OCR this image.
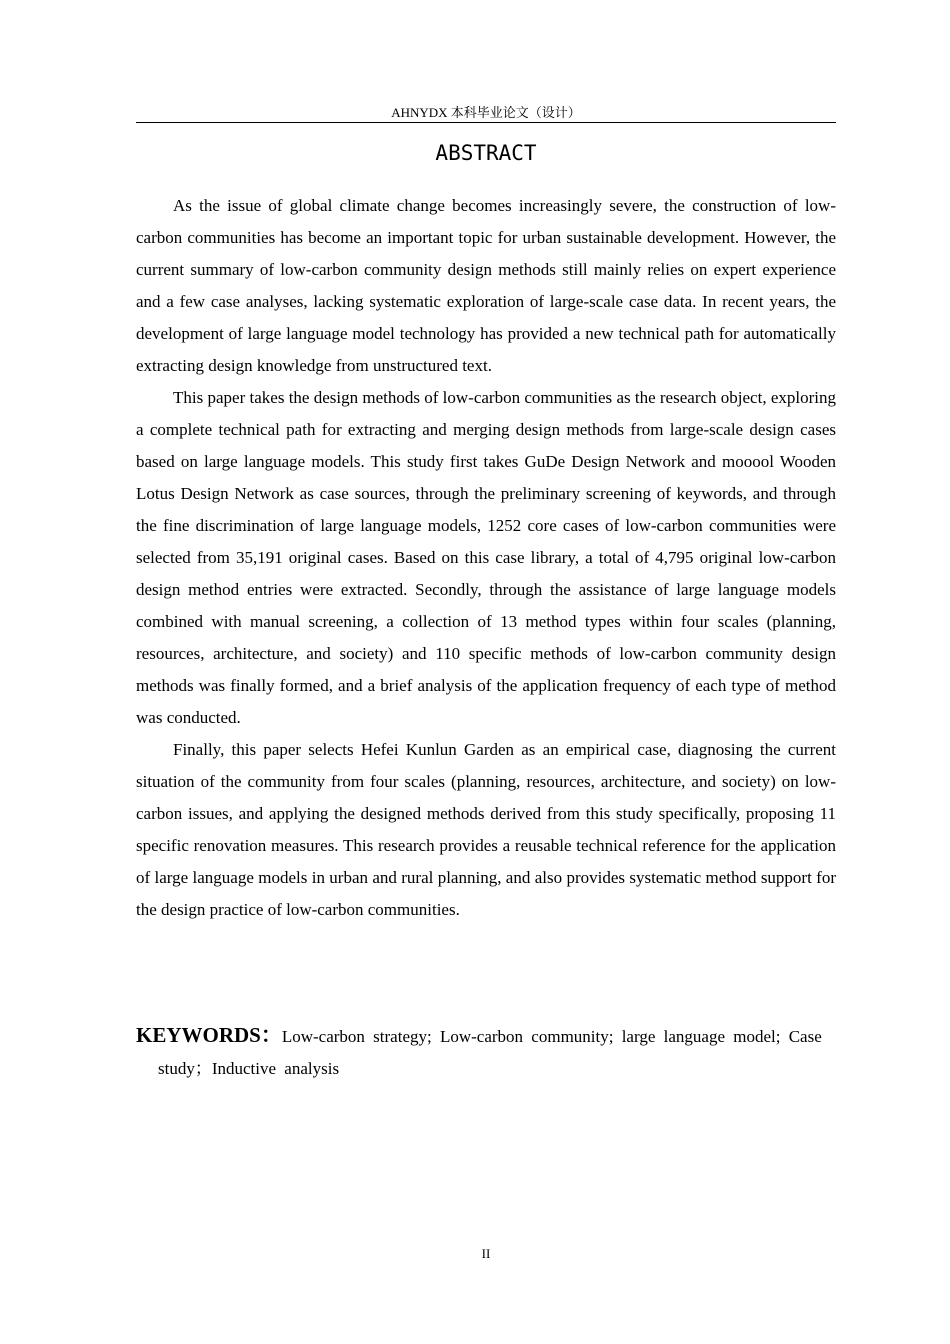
AHNYDX 本科毕业论文（设计）
ABSTRACT

As the issue of global climate change becomes increasingly severe, the construction of low-carbon communities has become an important topic for urban sustainable development. However, the current summary of low-carbon community design methods still mainly relies on expert experience and a few case analyses, lacking systematic exploration of large-scale case data. In recent years, the development of large language model technology has provided a new technical path for automatically extracting design knowledge from unstructured text.

This paper takes the design methods of low-carbon communities as the research object, exploring a complete technical path for extracting and merging design methods from large-scale design cases based on large language models. This study first takes GuDe Design Network and mooool Wooden Lotus Design Network as case sources, through the preliminary screening of keywords, and through the fine discrimination of large language models, 1252 core cases of low-carbon communities were selected from 35,191 original cases. Based on this case library, a total of 4,795 original low-carbon design method entries were extracted. Secondly, through the assistance of large language models combined with manual screening, a collection of 13 method types within four scales (planning, resources, architecture, and society) and 110 specific methods of low-carbon community design methods was finally formed, and a brief analysis of the application frequency of each type of method was conducted.

Finally, this paper selects Hefei Kunlun Garden as an empirical case, diagnosing the current situation of the community from four scales (planning, resources, architecture, and society) on low-carbon issues, and applying the designed methods derived from this study specifically, proposing 11 specific renovation measures. This research provides a reusable technical reference for the application of large language models in urban and rural planning, and also provides systematic method support for the design practice of low-carbon communities.

KEYWORDS：Low-carbon strategy; Low-carbon community; large language model; Case study；Inductive analysis
II
